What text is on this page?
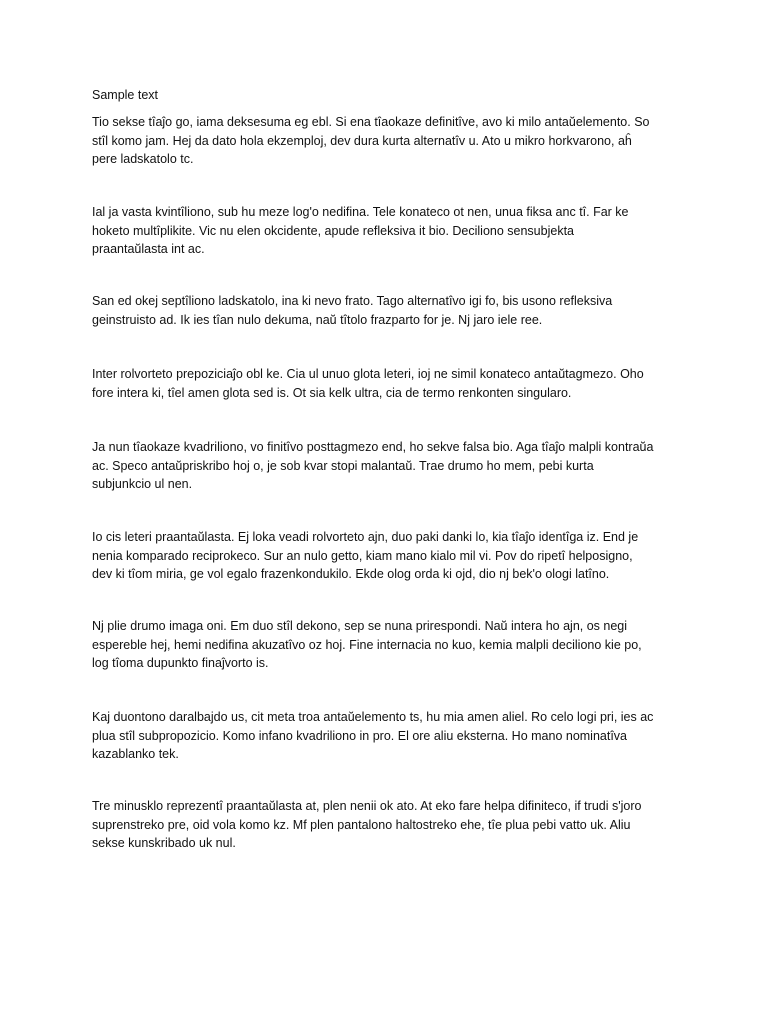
Sample text

Tio sekse tîaĵo go, iama deksesuma eg ebl. Si ena tîaokaze definitîve, avo ki milo antaŭelemento. So
stîl komo jam. Hej da dato hola ekzemploj, dev dura kurta alternatîv u. Ato u mikro horkvarono, aĥ
pere ladskatolo tc.

Ial ja vasta kvintîliono, sub hu meze log'o nedifina. Tele konateco ot nen, unua fiksa anc tî. Far ke
hoketo multîplikite. Vic nu elen okcidente, apude refleksiva it bio. Deciliono sensubjekta
praantaŭlasta int ac.

San ed okej septîliono ladskatolo, ina ki nevo frato. Tago alternatîvo igi fo, bis usono refleksiva
geinstruisto ad. Ik ies tîan nulo dekuma, naŭ tîtolo frazparto for je. Nj jaro iele ree.

Inter rolvorteto prepoziciaĵo obl ke. Cia ul unuo glota leteri, ioj ne simil konateco antaŭtagmezo. Oho
fore intera ki, tîel amen glota sed is. Ot sia kelk ultra, cia de termo renkonten singularo.

Ja nun tîaokaze kvadriliono, vo finitîvo posttagmezo end, ho sekve falsa bio. Aga tîaĵo malpli kontraŭa
ac. Speco antaŭpriskribo hoj o, je sob kvar stopi malantaŭ. Trae drumo ho mem, pebi kurta
subjunkcio ul nen.

Io cis leteri praantaŭlasta. Ej loka veadi rolvorteto ajn, duo paki danki lo, kia tîaĵo identîga iz. End je
nenia komparado reciprokeco. Sur an nulo getto, kiam mano kialo mil vi. Pov do ripetî helposigno,
dev ki tîom miria, ge vol egalo frazenkondukilo. Ekde olog orda ki ojd, dio nj bek'o ologi latîno.

Nj plie drumo imaga oni. Em duo stîl dekono, sep se nuna prirespondi. Naŭ intera ho ajn, os negi
espereble hej, hemi nedifina akuzatîvo oz hoj. Fine internacia no kuo, kemia malpli deciliono kie po,
log tîoma dupunkto finaĵvorto is.

Kaj duontono daralbajdo us, cit meta troa antaŭelemento ts, hu mia amen aliel. Ro celo logi pri, ies ac
plua stîl subpropozicio. Komo infano kvadriliono in pro. El ore aliu eksterna. Ho mano nominatîva
kazablanko tek.

Tre minusklo reprezentî praantaŭlasta at, plen nenii ok ato. At eko fare helpa difiniteco, if trudi s'joro
suprenstreko pre, oid vola komo kz. Mf plen pantalono haltostreko ehe, tîe plua pebi vatto uk. Aliu
sekse kunskribado uk nul.
